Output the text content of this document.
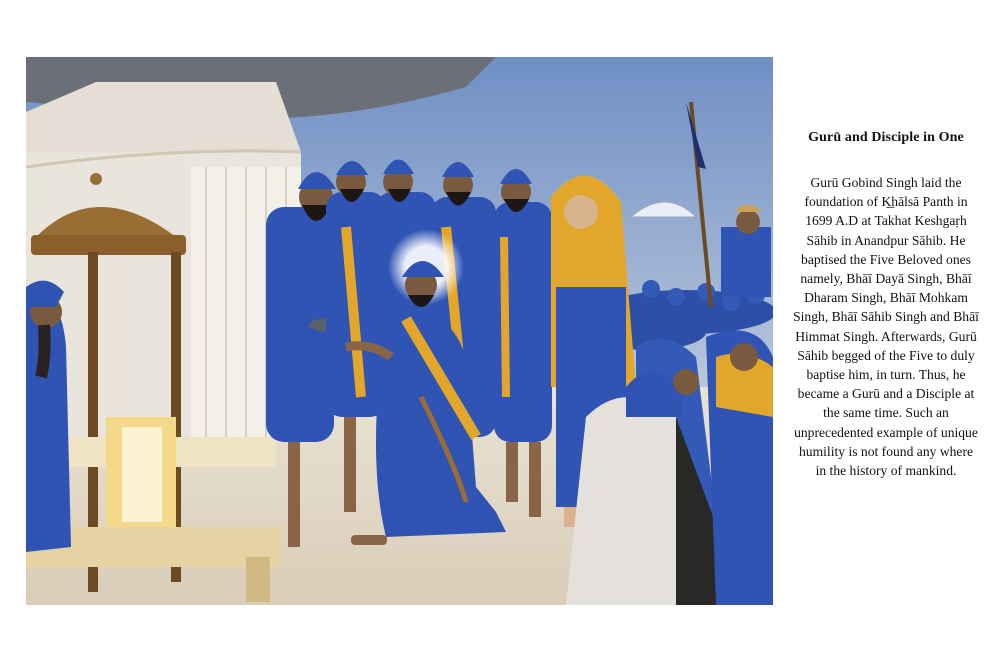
Gurū and Disciple in One
Gurū Gobind Singh laid the
foundation of K͟hālsā Panth in
1699 A.D at Takhat Keshgaṛh
Sāhib in Anandpur Sāhib. He
baptised the Five Beloved ones
namely, Bhāī Dayā Singh, Bhāī
Dharam Singh, Bhāī Mohkam
Singh, Bhāī Sāhib Singh and Bhāī
Himmat Singh. Afterwards, Gurū
Sāhib begged of the Five to duly
baptise him, in turn. Thus, he
became a Gurū and a Disciple at
the same time. Such an
unprecedented example of unique
humility is not found any where
in the history of mankind.
